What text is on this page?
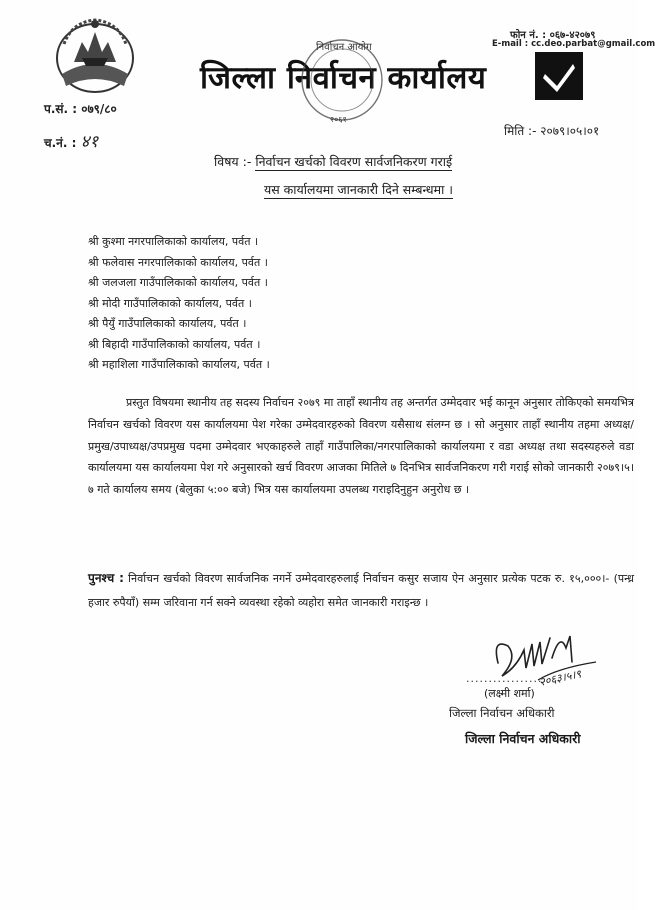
जिल्ला निर्वाचन कार्यालय
निर्वाचन आयोग
२०६१
फोन नं. : ०६७-४२०७९
E-mail : cc.deo.parbat@gmail.com
प.सं. : ०७९/८०
च.नं. : ४१
मिति :- २०७९।०५।०१
विषय :- निर्वाचन खर्चको विवरण सार्वजनिकरण गराई
यस कार्यालयमा जानकारी दिने सम्बन्धमा ।
श्री कुश्मा नगरपालिकाको कार्यालय, पर्वत ।
श्री फलेवास नगरपालिकाको कार्यालय, पर्वत ।
श्री जलजला गाउँपालिकाको कार्यालय, पर्वत ।
श्री मोदी गाउँपालिकाको कार्यालय, पर्वत ।
श्री पैयुँ गाउँपालिकाको कार्यालय, पर्वत ।
श्री बिहादी गाउँपालिकाको कार्यालय, पर्वत ।
श्री महाशिला गाउँपालिकाको कार्यालय, पर्वत ।

प्रस्तुत विषयमा स्थानीय तह सदस्य निर्वाचन २०७९ मा ताहाँ स्थानीय तह अन्तर्गत उम्मेदवार भई कानून अनुसार तोकिएको समयभित्र निर्वाचन खर्चको विवरण यस कार्यालयमा पेश गरेका उम्मेदवारहरुको विवरण यसैसाथ संलग्न छ । सो अनुसार ताहाँ स्थानीय तहमा अध्यक्ष/प्रमुख/उपाध्यक्ष/उपप्रमुख पदमा उम्मेदवार भएकाहरुले ताहाँ गाउँपालिका/नगरपालिकाको कार्यालयमा र वडा अध्यक्ष तथा सदस्यहरुले वडा कार्यालयमा यस कार्यालयमा पेश गरे अनुसारको खर्च विवरण आजका मितिले ७ दिनभित्र सार्वजनिकरण गरी गराई सोको जानकारी २०७९।५।७ गते कार्यालय समय (बेलुका ५:०० बजे) भित्र यस कार्यालयमा उपलब्ध गराइदिनुहुन अनुरोध छ ।

पुनश्च : निर्वाचन खर्चको विवरण सार्वजनिक नगर्ने उम्मेदवारहरुलाई निर्वाचन कसुर सजाय ऐन अनुसार प्रत्येक पटक रु. १५,०००।- (पन्ध्र हजार रुपैयाँ) सम्म जरिवाना गर्न सक्ने व्यवस्था रहेको व्यहोरा समेत जानकारी गराइन्छ ।

२०६३।५।९
..................
(लक्ष्मी शर्मा)
जिल्ला निर्वाचन अधिकारी
जिल्ला निर्वाचन अधिकारी
